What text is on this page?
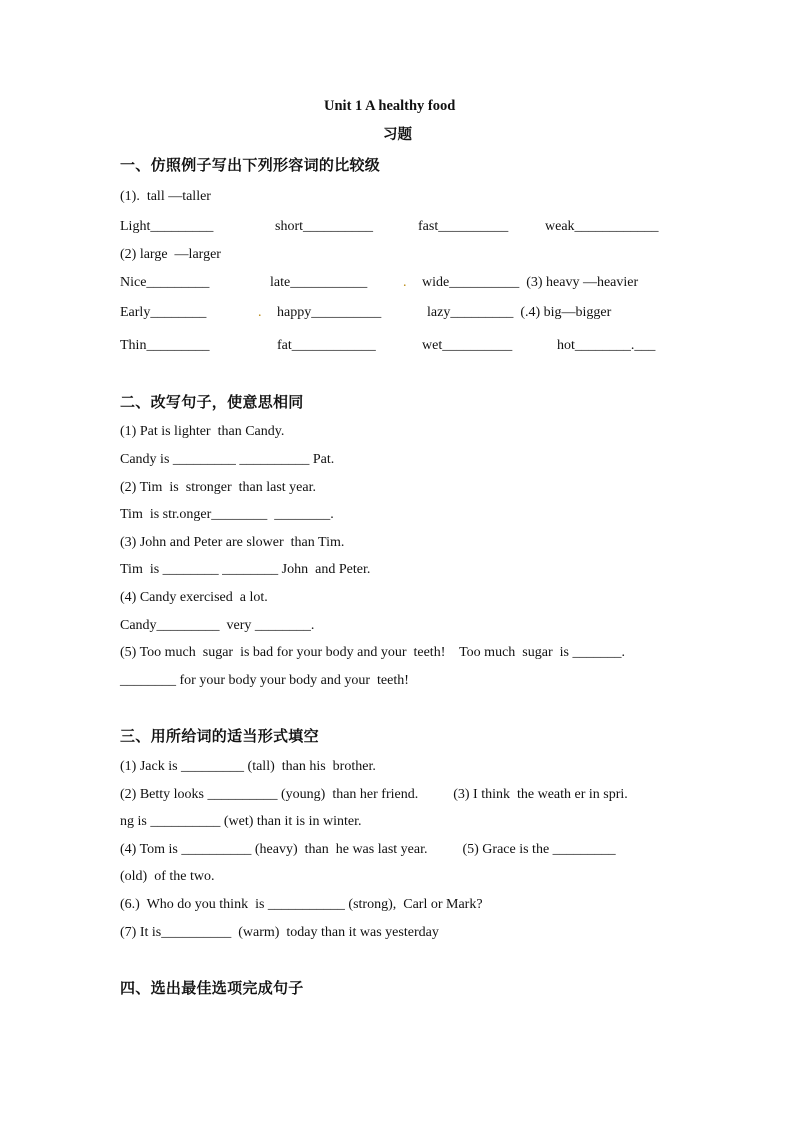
Unit 1 A healthy food
习题
一、仿照例子写出下列形容词的比较级
(1).  tall —taller
Light_________	short__________	fast__________	weak____________
(2) large  —larger
Nice_________	late___________	. wide__________  (3) heavy —heavier
Early________	. happy__________	lazy_________  (.4) big—bigger
Thin_________	fat____________	wet__________	hot________.___
二、改写句子，使意思相同
(1) Pat is lighter  than Candy.
Candy is _________ __________ Pat.
(2) Tim  is  stronger  than last year.
Tim  is str.onger________  ________.
(3) John and Peter are slower  than Tim.
Tim  is ________ ________ John  and Peter.
(4) Candy exercised  a lot.
Candy_________  very ________.
(5) Too much  sugar  is bad for your body and your  teeth!    Too much  sugar  is _______.
________ for your body your body and your  teeth!
三、用所给词的适当形式填空
(1) Jack is _________ (tall)  than his  brother.
(2) Betty looks __________ (young)  than her friend.          (3) I think  the weath er in spri.
ng is __________ (wet) than it is in winter.
(4) Tom is __________ (heavy)  than  he was last year.          (5) Grace is the _________
(old)  of the two.
(6.)  Who do you think  is ___________ (strong),  Carl or Mark?
(7) It is__________  (warm)  today than it was yesterday
四、选出最佳选项完成句子
